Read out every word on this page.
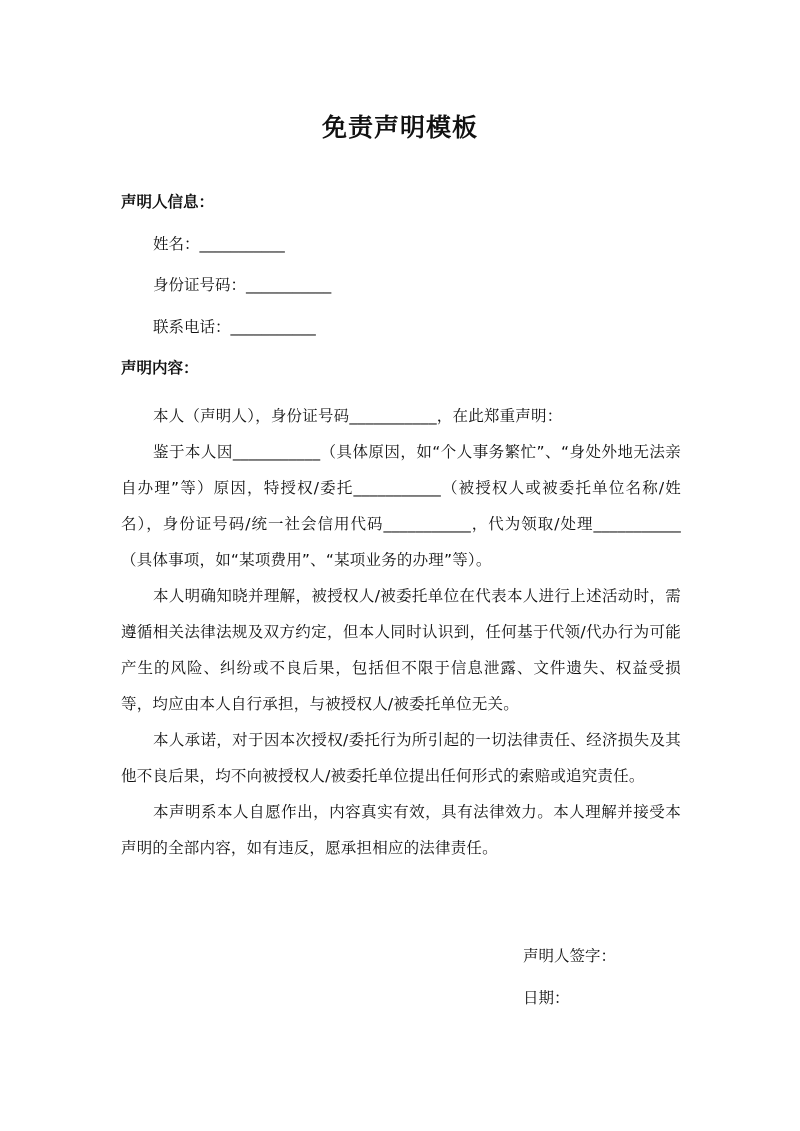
免责声明模板
声明人信息：
姓名：___________
身份证号码：___________
联系电话：___________
声明内容：

本人（声明人），身份证号码___________，在此郑重声明：

鉴于本人因___________（具体原因，如“个人事务繁忙”、“身处外地无法亲自办理”等）原因，特授权/委托___________（被授权人或被委托单位名称/姓名），身份证号码/统一社会信用代码___________，代为领取/处理___________（具体事项，如“某项费用”、“某项业务的办理”等）。

本人明确知晓并理解，被授权人/被委托单位在代表本人进行上述活动时，需遵循相关法律法规及双方约定，但本人同时认识到，任何基于代领/代办行为可能产生的风险、纠纷或不良后果，包括但不限于信息泄露、文件遗失、权益受损等，均应由本人自行承担，与被授权人/被委托单位无关。

本人承诺，对于因本次授权/委托行为所引起的一切法律责任、经济损失及其他不良后果，均不向被授权人/被委托单位提出任何形式的索赔或追究责任。

本声明系本人自愿作出，内容真实有效，具有法律效力。本人理解并接受本声明的全部内容，如有违反，愿承担相应的法律责任。

声明人签字：
日期：
